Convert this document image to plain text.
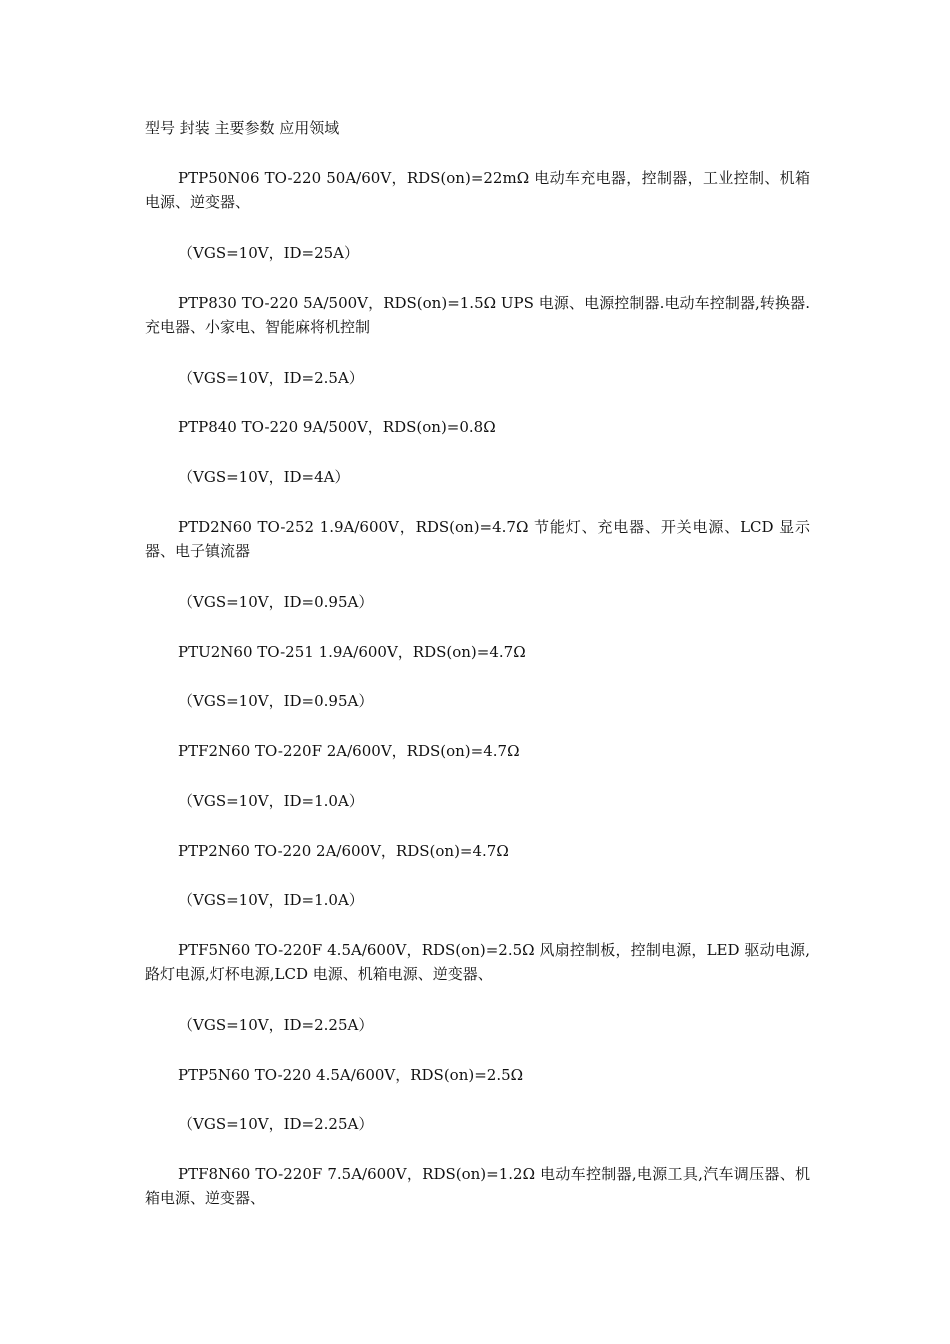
型号 封装 主要参数 应用领域

PTP50N06 TO-220 50A/60V，RDS(on)=22mΩ 电动车充电器，控制器，工业控制、机箱电源、逆变器、

（VGS=10V，ID=25A）

PTP830 TO-220 5A/500V，RDS(on)=1.5Ω UPS 电源、电源控制器.电动车控制器,转换器.充电器、小家电、智能麻将机控制

（VGS=10V，ID=2.5A）

PTP840 TO-220 9A/500V，RDS(on)=0.8Ω

（VGS=10V，ID=4A）

PTD2N60 TO-252 1.9A/600V，RDS(on)=4.7Ω 节能灯、充电器、开关电源、LCD 显示器、电子镇流器

（VGS=10V，ID=0.95A）

PTU2N60 TO-251 1.9A/600V，RDS(on)=4.7Ω

（VGS=10V，ID=0.95A）

PTF2N60 TO-220F 2A/600V，RDS(on)=4.7Ω

（VGS=10V，ID=1.0A）

PTP2N60 TO-220 2A/600V，RDS(on)=4.7Ω

（VGS=10V，ID=1.0A）

PTF5N60 TO-220F 4.5A/600V，RDS(on)=2.5Ω 风扇控制板，控制电源，LED 驱动电源,路灯电源,灯杯电源,LCD 电源、机箱电源、逆变器、

（VGS=10V，ID=2.25A）

PTP5N60 TO-220 4.5A/600V，RDS(on)=2.5Ω

（VGS=10V，ID=2.25A）

PTF8N60 TO-220F 7.5A/600V，RDS(on)=1.2Ω 电动车控制器,电源工具,汽车调压器、机箱电源、逆变器、
